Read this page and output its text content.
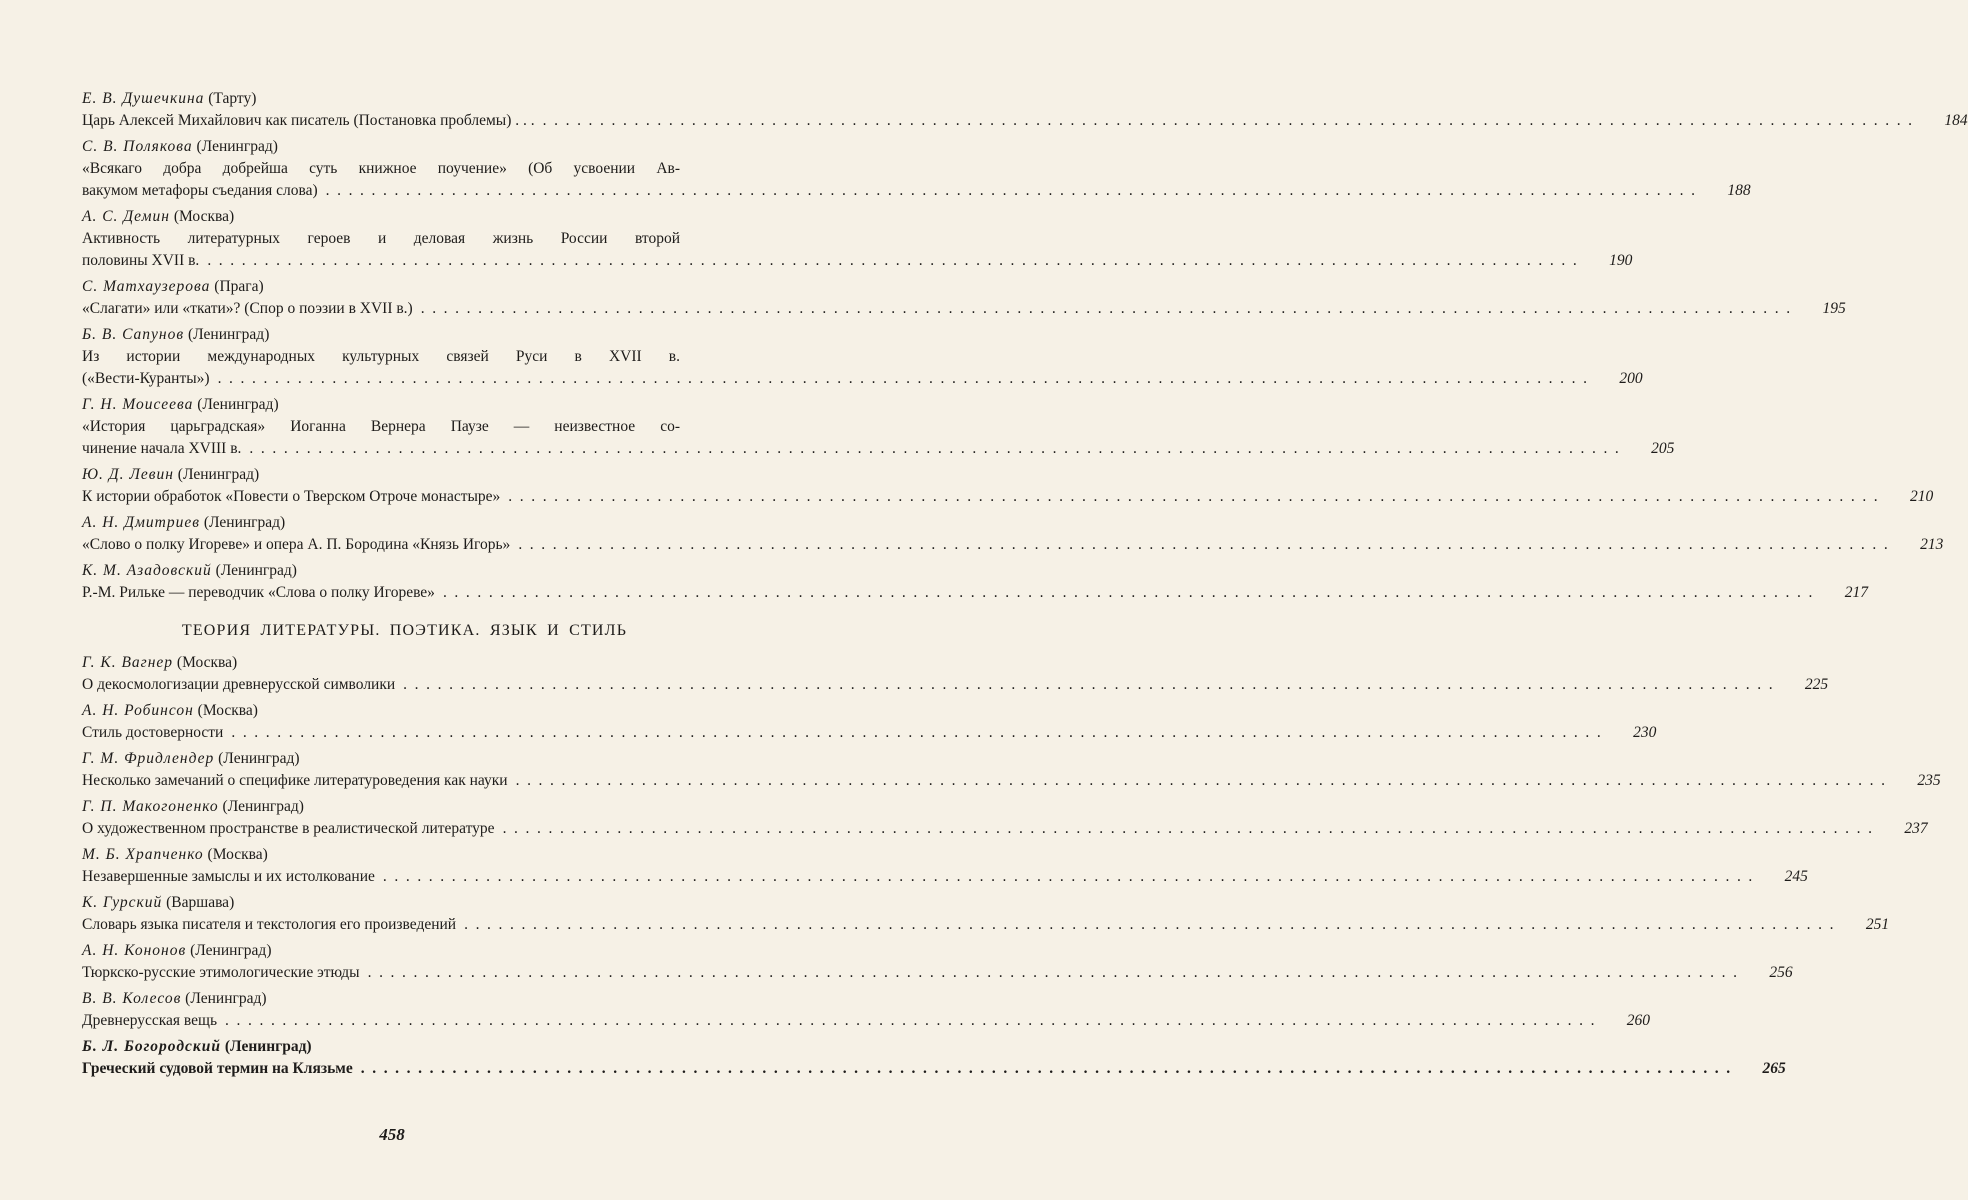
Е. В. Душечкина (Тарту)
Царь Алексей Михайлович как писатель (Постановка проблемы) . . . ........................................................................................................................	184
С. В. Полякова (Ленинград)
«Всякаго добра добрейша суть книжное поучение» (Об усвоении Ав-
вакумом метафоры съедания слова) ........................................................................................................................	188
А. С. Демин (Москва)
Активность литературных героев и деловая жизнь России второй
половины XVII в. ........................................................................................................................	190
С. Матхаузерова (Прага)
«Слагати» или «ткати»? (Спор о поэзии в XVII в.) ........................................................................................................................	195
Б. В. Сапунов (Ленинград)
Из истории международных культурных связей Руси в XVII в.
(«Вести-Куранты») ........................................................................................................................	200
Г. Н. Моисеева (Ленинград)
«История царьградская» Иоганна Вернера Паузе — неизвестное со-
чинение начала XVIII в. ........................................................................................................................	205
Ю. Д. Левин (Ленинград)
К истории обработок «Повести о Тверском Отроче монастыре» ........................................................................................................................	210
А. Н. Дмитриев (Ленинград)
«Слово о полку Игореве» и опера А. П. Бородина «Князь Игорь» ........................................................................................................................	213
К. М. Азадовский (Ленинград)
Р.-М. Рильке — переводчик «Слова о полку Игореве» ........................................................................................................................	217
ТЕОРИЯ ЛИТЕРАТУРЫ. ПОЭТИКА. ЯЗЫК И СТИЛЬ
Г. К. Вагнер (Москва)
О декосмологизации древнерусской символики ........................................................................................................................	225
А. Н. Робинсон (Москва)
Стиль достоверности ........................................................................................................................	230
Г. М. Фридлендер (Ленинград)
Несколько замечаний о специфике литературоведения как науки ........................................................................................................................	235
Г. П. Макогоненко (Ленинград)
О художественном пространстве в реалистической литературе ........................................................................................................................	237
М. Б. Храпченко (Москва)
Незавершенные замыслы и их истолкование ........................................................................................................................	245
К. Гурский (Варшава)
Словарь языка писателя и текстология его произведений ........................................................................................................................	251
А. Н. Кононов (Ленинград)
Тюркско-русские этимологические этюды ........................................................................................................................	256
В. В. Колесов (Ленинград)
Древнерусская вещь ........................................................................................................................	260
Б. Л. Богородский (Ленинград)
Греческий судовой термин на Клязьме ........................................................................................................................	265
458
